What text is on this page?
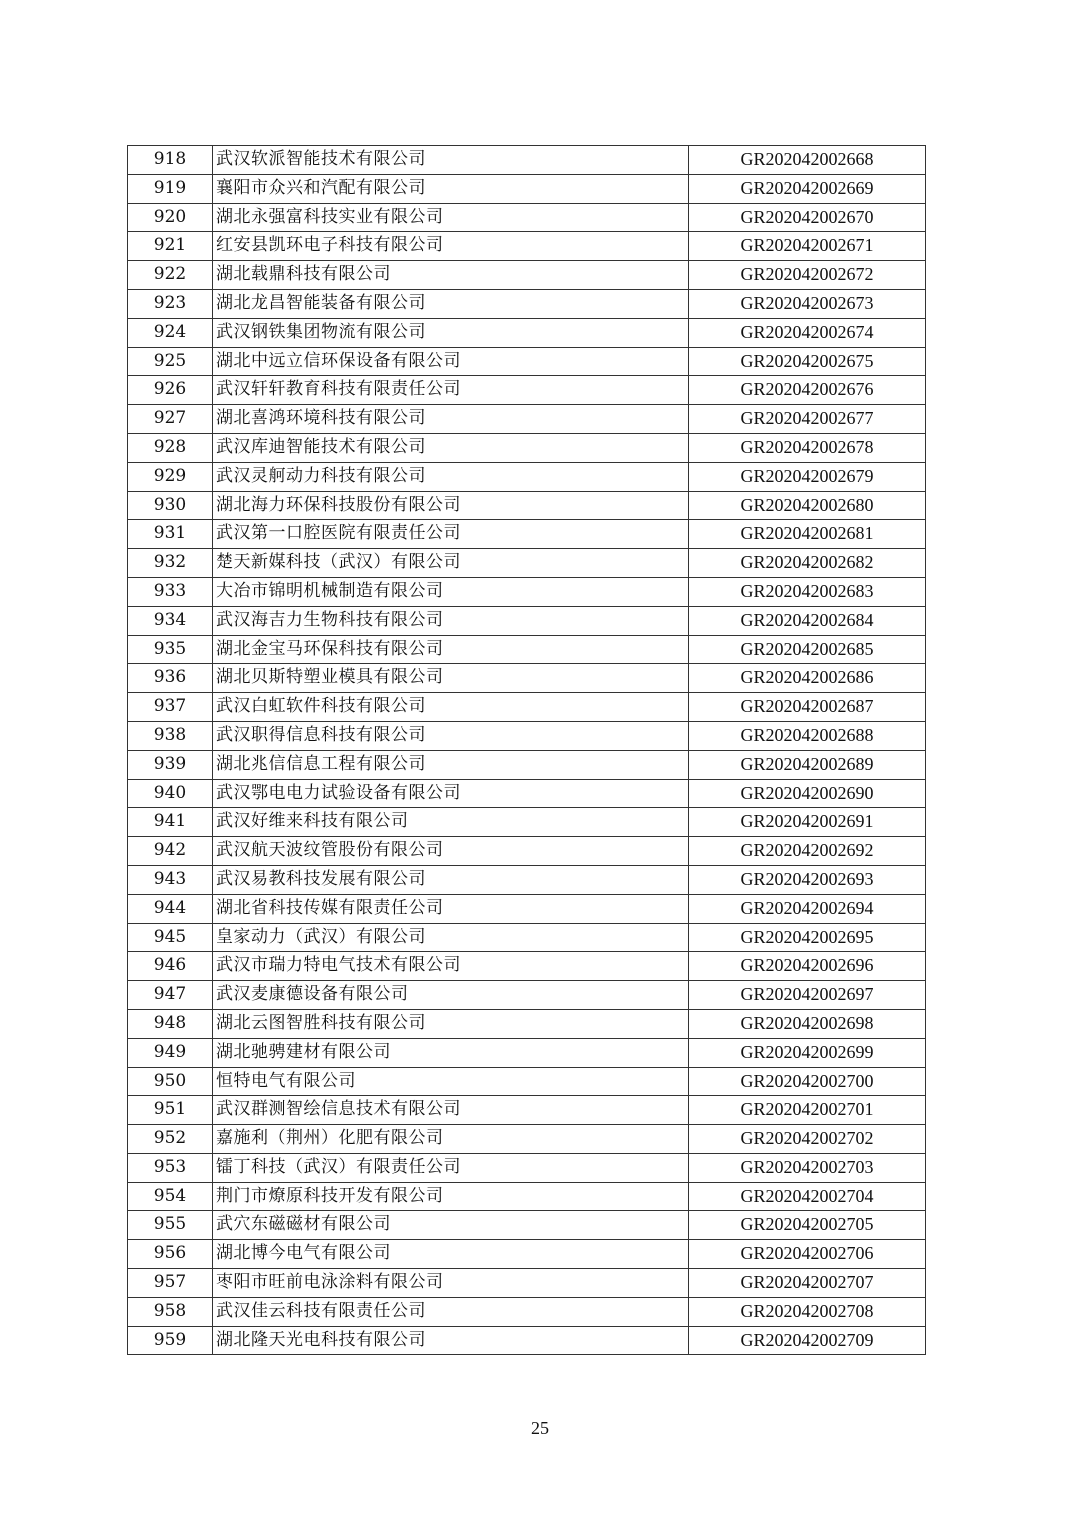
918	武汉软派智能技术有限公司	GR202042002668
919	襄阳市众兴和汽配有限公司	GR202042002669
920	湖北永强富科技实业有限公司	GR202042002670
921	红安县凯环电子科技有限公司	GR202042002671
922	湖北载鼎科技有限公司	GR202042002672
923	湖北龙昌智能装备有限公司	GR202042002673
924	武汉钢铁集团物流有限公司	GR202042002674
925	湖北中远立信环保设备有限公司	GR202042002675
926	武汉轩轩教育科技有限责任公司	GR202042002676
927	湖北喜鸿环境科技有限公司	GR202042002677
928	武汉库迪智能技术有限公司	GR202042002678
929	武汉灵舸动力科技有限公司	GR202042002679
930	湖北海力环保科技股份有限公司	GR202042002680
931	武汉第一口腔医院有限责任公司	GR202042002681
932	楚天新媒科技（武汉）有限公司	GR202042002682
933	大冶市锦明机械制造有限公司	GR202042002683
934	武汉海吉力生物科技有限公司	GR202042002684
935	湖北金宝马环保科技有限公司	GR202042002685
936	湖北贝斯特塑业模具有限公司	GR202042002686
937	武汉白虹软件科技有限公司	GR202042002687
938	武汉职得信息科技有限公司	GR202042002688
939	湖北兆信信息工程有限公司	GR202042002689
940	武汉鄂电电力试验设备有限公司	GR202042002690
941	武汉好维来科技有限公司	GR202042002691
942	武汉航天波纹管股份有限公司	GR202042002692
943	武汉易教科技发展有限公司	GR202042002693
944	湖北省科技传媒有限责任公司	GR202042002694
945	皇家动力（武汉）有限公司	GR202042002695
946	武汉市瑞力特电气技术有限公司	GR202042002696
947	武汉麦康德设备有限公司	GR202042002697
948	湖北云图智胜科技有限公司	GR202042002698
949	湖北驰骋建材有限公司	GR202042002699
950	恒特电气有限公司	GR202042002700
951	武汉群测智绘信息技术有限公司	GR202042002701
952	嘉施利（荆州）化肥有限公司	GR202042002702
953	镭丁科技（武汉）有限责任公司	GR202042002703
954	荆门市燎原科技开发有限公司	GR202042002704
955	武穴东磁磁材有限公司	GR202042002705
956	湖北博今电气有限公司	GR202042002706
957	枣阳市旺前电泳涂料有限公司	GR202042002707
958	武汉佳云科技有限责任公司	GR202042002708
959	湖北隆天光电科技有限公司	GR202042002709
25
